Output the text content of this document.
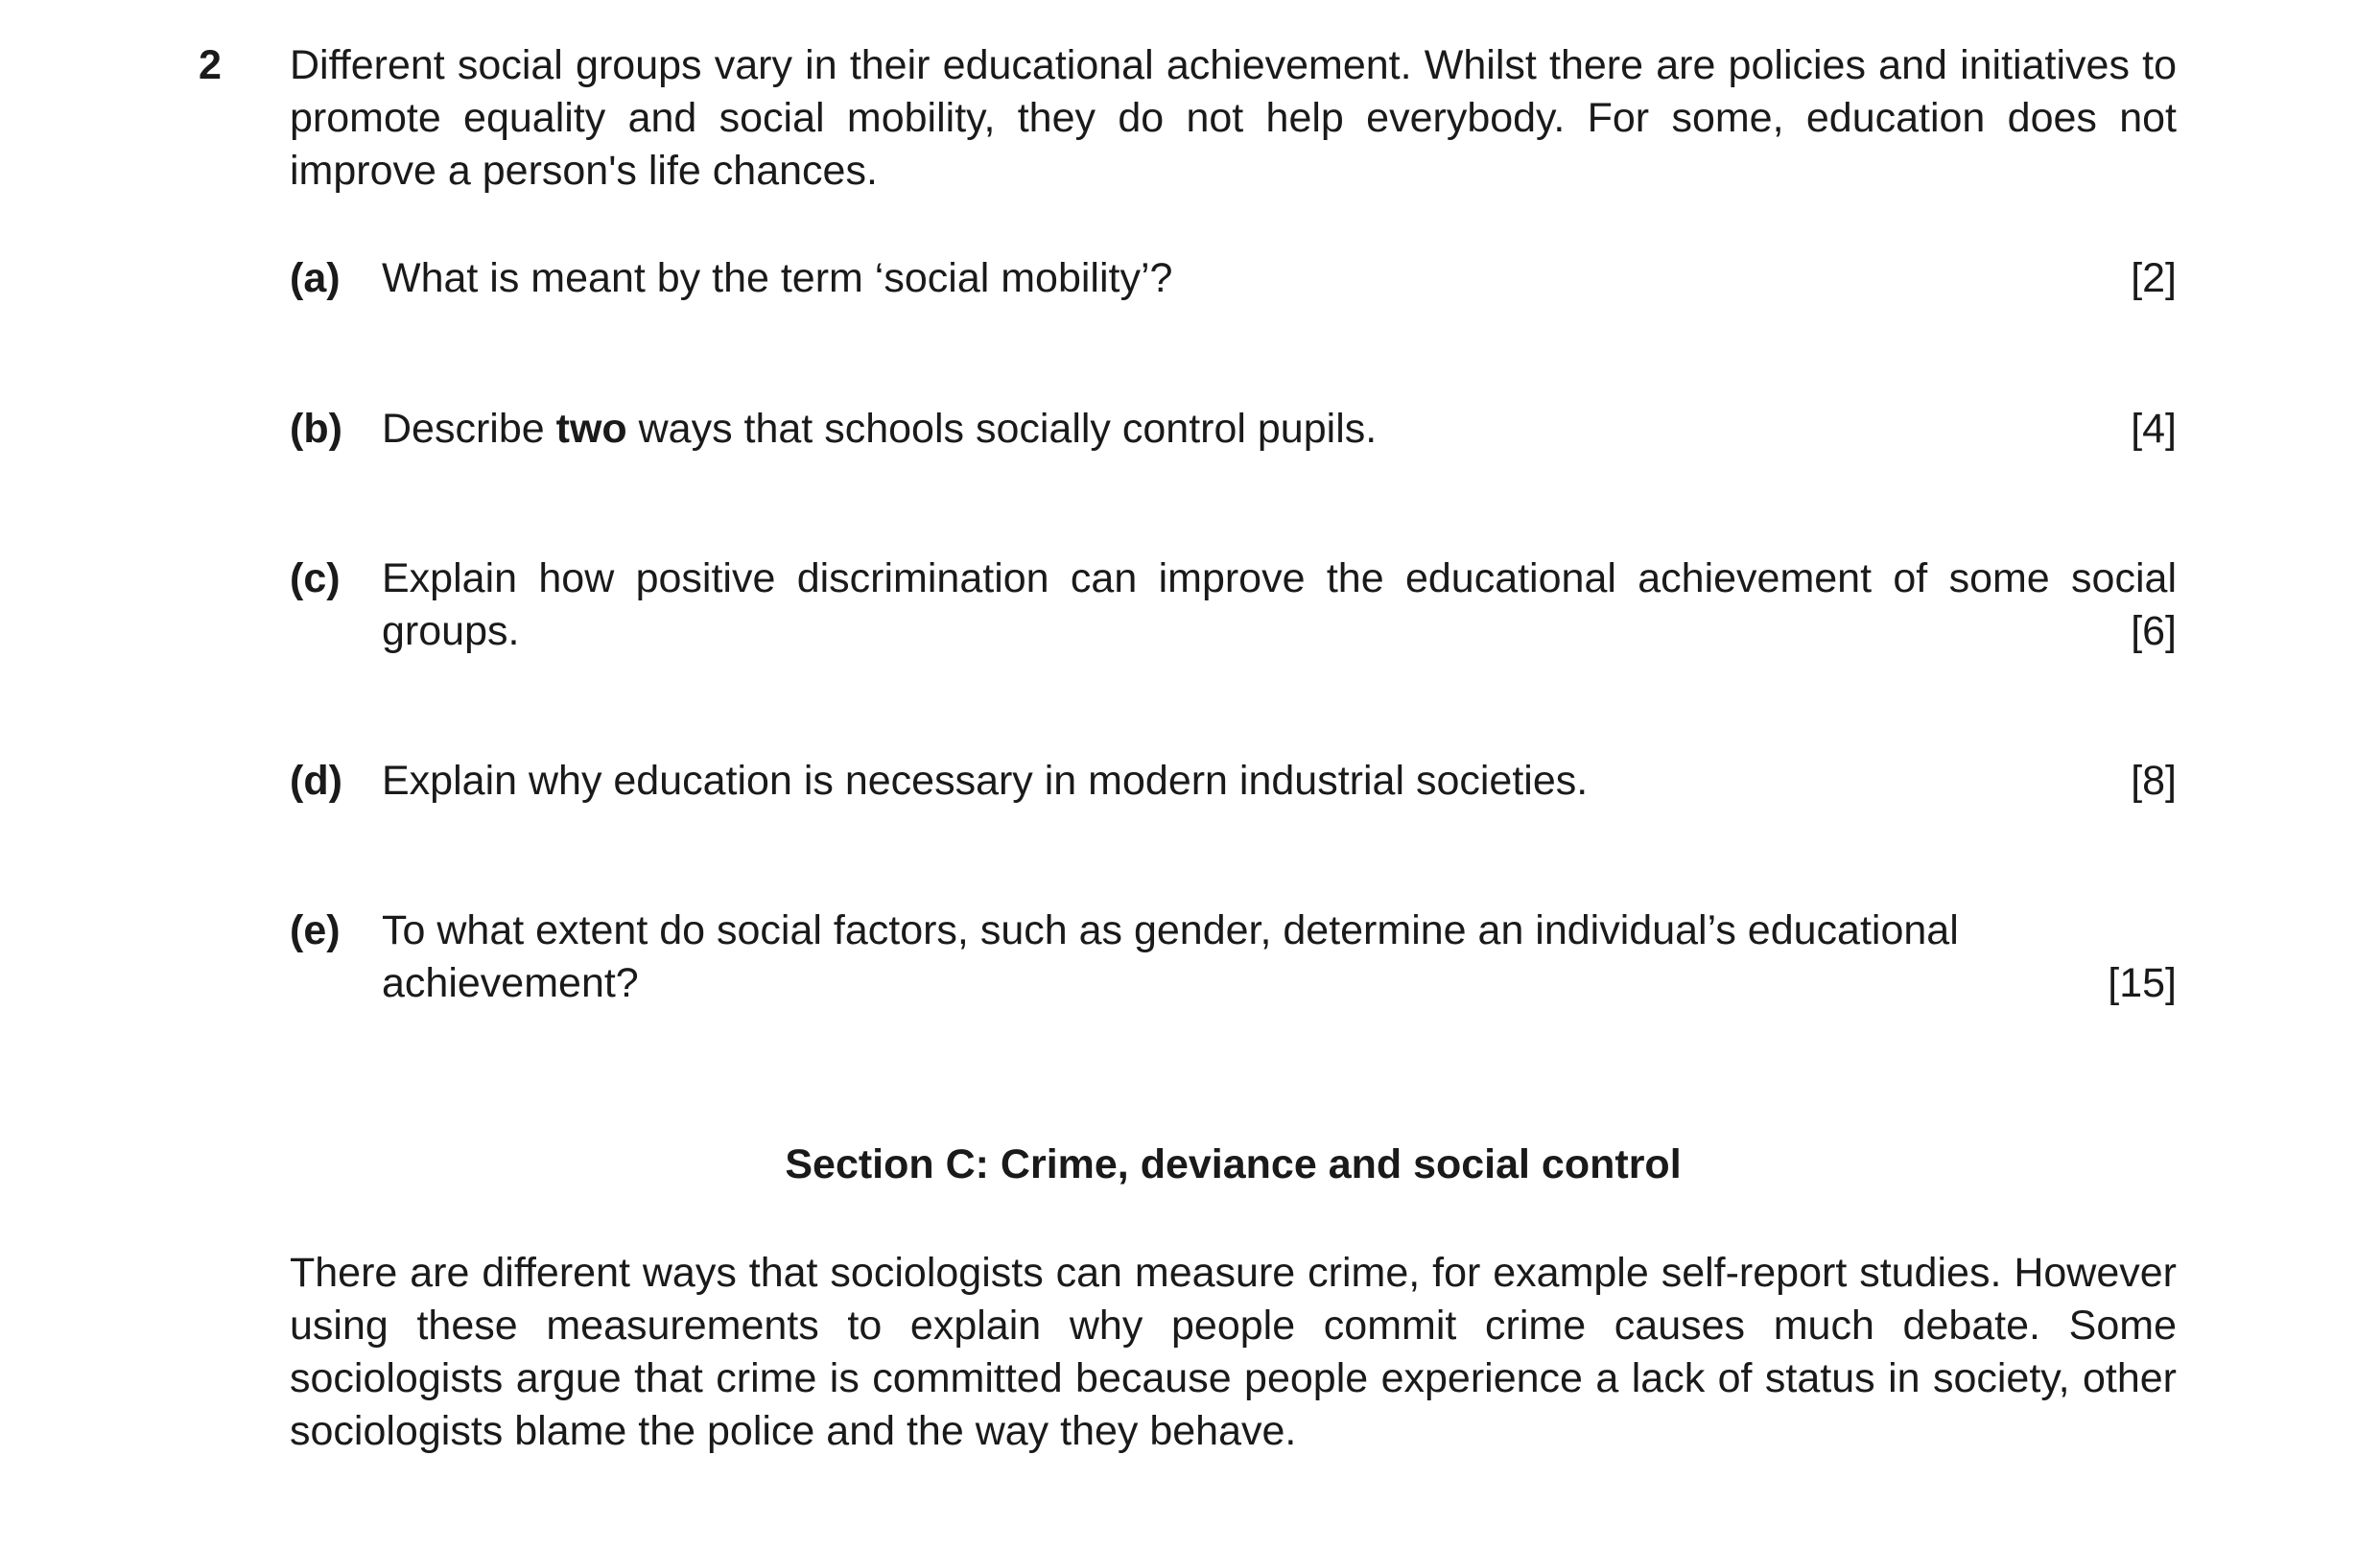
2 Different social groups vary in their educational achievement. Whilst there are policies and initiatives to promote equality and social mobility, they do not help everybody. For some, education does not improve a person's life chances.

(a) What is meant by the term ‘social mobility’?	[2]
(b) Describe two ways that schools socially control pupils.	[4]
(c) Explain how positive discrimination can improve the educational achievement of some social groups.	[6]
(d) Explain why education is necessary in modern industrial societies.	[8]
(e) To what extent do social factors, such as gender, determine an individual’s educational achievement?	[15]
Section C: Crime, deviance and social control

There are different ways that sociologists can measure crime, for example self-report studies. However using these measurements to explain why people commit crime causes much debate. Some sociologists argue that crime is committed because people experience a lack of status in society, other sociologists blame the police and the way they behave.
